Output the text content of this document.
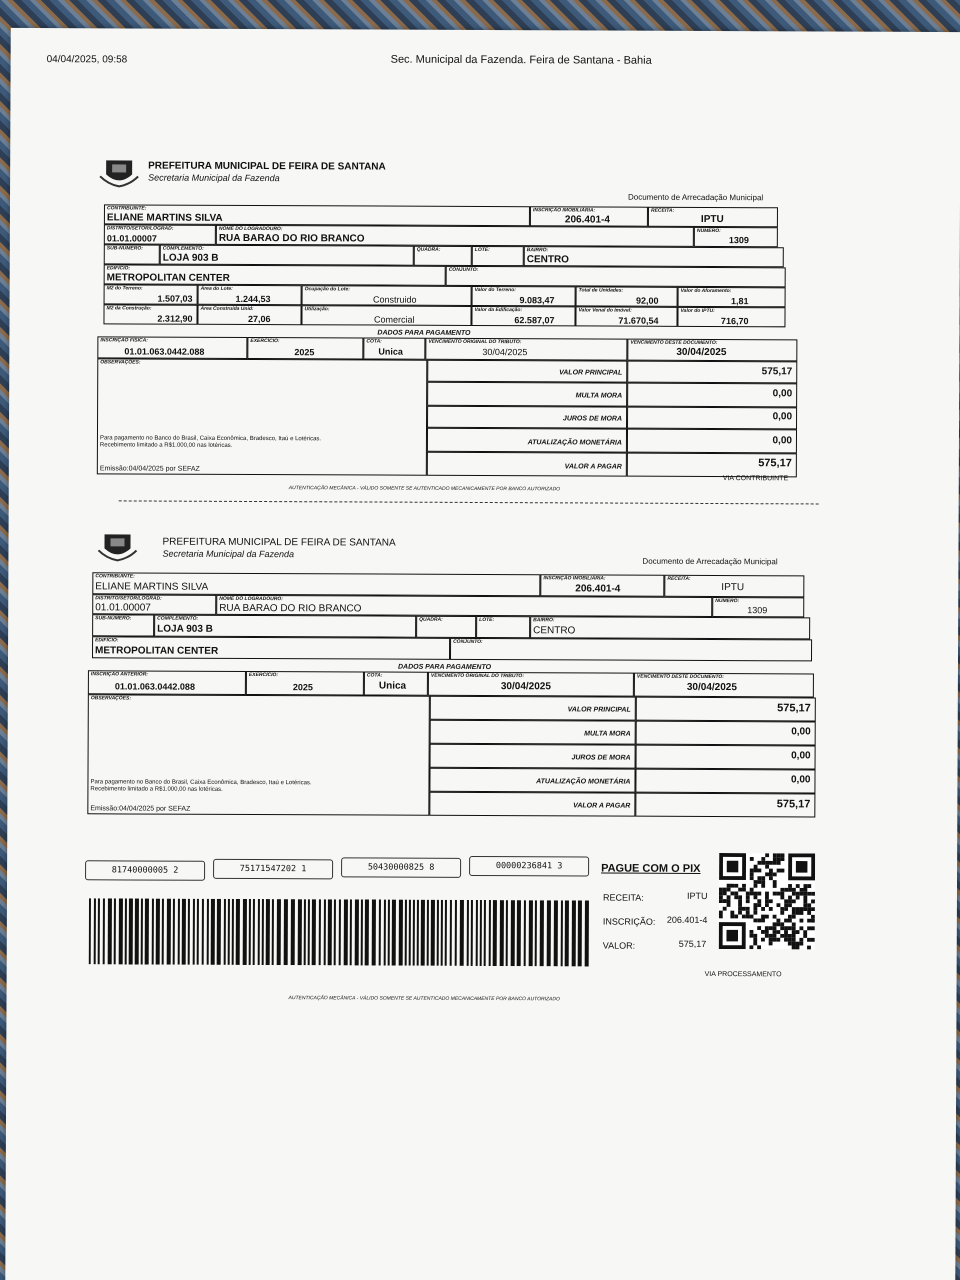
04/04/2025, 09:58	Sec. Municipal da Fazenda. Feira de Santana - Bahia
PREFEITURA MUNICIPAL DE FEIRA DE SANTANA
Secretaria Municipal da Fazenda
Documento de Arrecadação Municipal
CONTRIBUINTE:
ELIANE MARTINS SILVA
INSCRIÇÃO IMOBILIÁRIA:
206.401-4
RECEITA:
IPTU
DISTRITO/SETOR/LOGRAD:
01.01.00007
NOME DO LOGRADOURO:
RUA BARAO DO RIO BRANCO
NÚMERO:
1309
SUB-NÚMERO:	COMPLEMENTO:
LOJA 903 B
QUADRA:	LOTE:	BAIRRO:
CENTRO
EDIFÍCIO:
METROPOLITAN CENTER
CONJUNTO:
M2 do Terreno:
1.507,03
Área do Lote:
1.244,53
Ocupação do Lote:
Construido
Valor do Terreno:
9.083,47
Total de Unidades:
92,00
Valor do Aforamento:
1,81
M2 da Construção:
2.312,90
Área Construída Unid:
27,06
Utilização:
Comercial
Valor da Edificação:
62.587,07
Valor Venal do Imóvel:
71.670,54
Valor do IPTU:
716,70
DADOS PARA PAGAMENTO
INSCRIÇÃO FÍSICA:
01.01.063.0442.088
EXERCÍCIO:
2025
COTA:
Unica
VENCIMENTO ORIGINAL DO TRIBUTO:
30/04/2025
VENCIMENTO DESTE DOCUMENTO:
30/04/2025
OBSERVAÇÕES:
Para pagamento no Banco do Brasil, Caixa Econômica, Bradesco, Itaú e Lotéricas.
Recebimento limitado a R$1.000,00 nas lotéricas.
Emissão:04/04/2025 por SEFAZ
VALOR PRINCIPAL	575,17
MULTA MORA	0,00
JUROS DE MORA	0,00
ATUALIZAÇÃO MONETÁRIA	0,00
VALOR A PAGAR	575,17
VIA CONTRIBUINTE
AUTENTICAÇÃO MECÂNICA - VÁLIDO SOMENTE SE AUTENTICADO MECANICAMENTE POR BANCO AUTORIZADO
PREFEITURA MUNICIPAL DE FEIRA DE SANTANA
Secretaria Municipal da Fazenda
Documento de Arrecadação Municipal
CONTRIBUINTE:
ELIANE MARTINS SILVA
INSCRIÇÃO IMOBILIÁRIA:
206.401-4
RECEITA:
IPTU
DISTRITO/SETOR/LOGRAD:
01.01.00007
NOME DO LOGRADOURO:
RUA BARAO DO RIO BRANCO
NÚMERO:
1309
SUB-NÚMERO:	COMPLEMENTO:
LOJA 903 B
QUADRA:	LOTE:	BAIRRO:
CENTRO
EDIFÍCIO:
METROPOLITAN CENTER
CONJUNTO:
DADOS PARA PAGAMENTO
INSCRIÇÃO ANTERIOR:
01.01.063.0442.088
EXERCÍCIO:
2025
COTA:
Unica
VENCIMENTO ORIGINAL DO TRIBUTO:
30/04/2025
VENCIMENTO DESTE DOCUMENTO:
30/04/2025
OBSERVAÇÕES:
Para pagamento no Banco do Brasil, Caixa Econômica, Bradesco, Itaú e Lotéricas.
Recebimento limitado a R$1.000,00 nas lotéricas.
Emissão:04/04/2025 por SEFAZ
VALOR PRINCIPAL	575,17
MULTA MORA	0,00
JUROS DE MORA	0,00
ATUALIZAÇÃO MONETÁRIA	0,00
VALOR A PAGAR	575,17
81740000005 2	75171547202 1	50430000825 8	00000236841 3	PAGUE COM O PIX
RECEITA:	IPTU
INSCRIÇÃO: 206.401-4
VALOR:	575,17
VIA PROCESSAMENTO
AUTENTICAÇÃO MECÂNICA - VÁLIDO SOMENTE SE AUTENTICADO MECANICAMENTE POR BANCO AUTORIZADO
